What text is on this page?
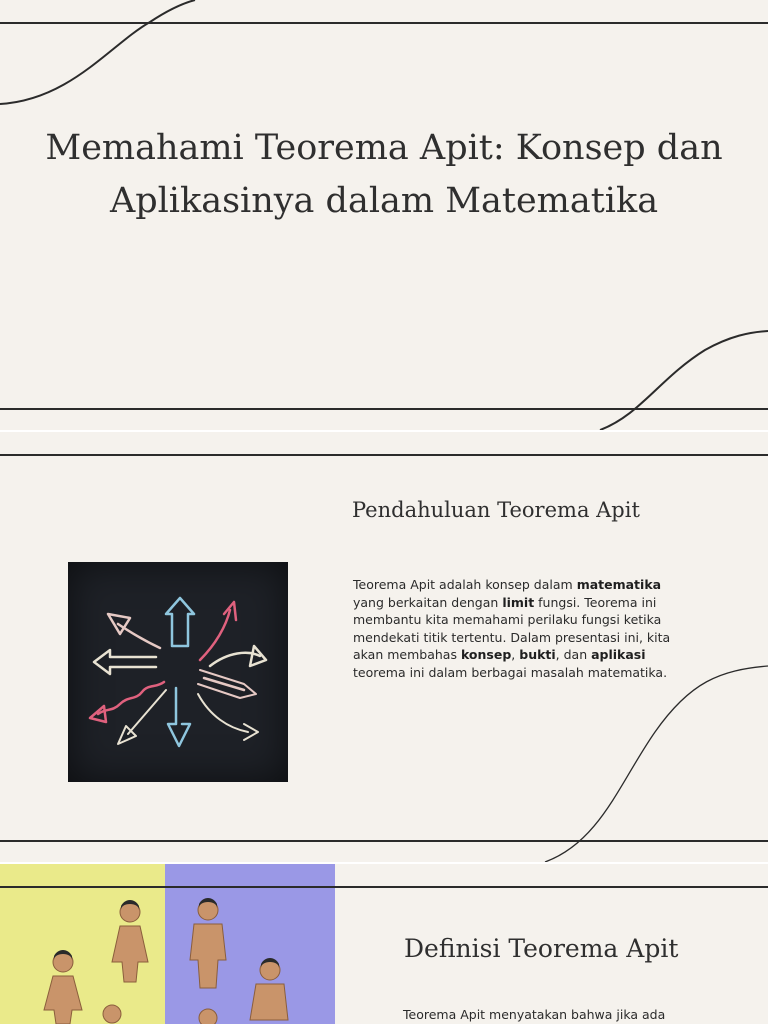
Memahami Teorema Apit: Konsep dan Aplikasinya dalam Matematika
Pendahuluan Teorema Apit

Teorema Apit adalah konsep dalam matematika yang berkaitan dengan limit fungsi. Teorema ini membantu kita memahami perilaku fungsi ketika mendekati titik tertentu. Dalam presentasi ini, kita akan membahas konsep, bukti, dan aplikasi teorema ini dalam berbagai masalah matematika.

Definisi Teorema Apit

Teorema Apit menyatakan bahwa jika ada
